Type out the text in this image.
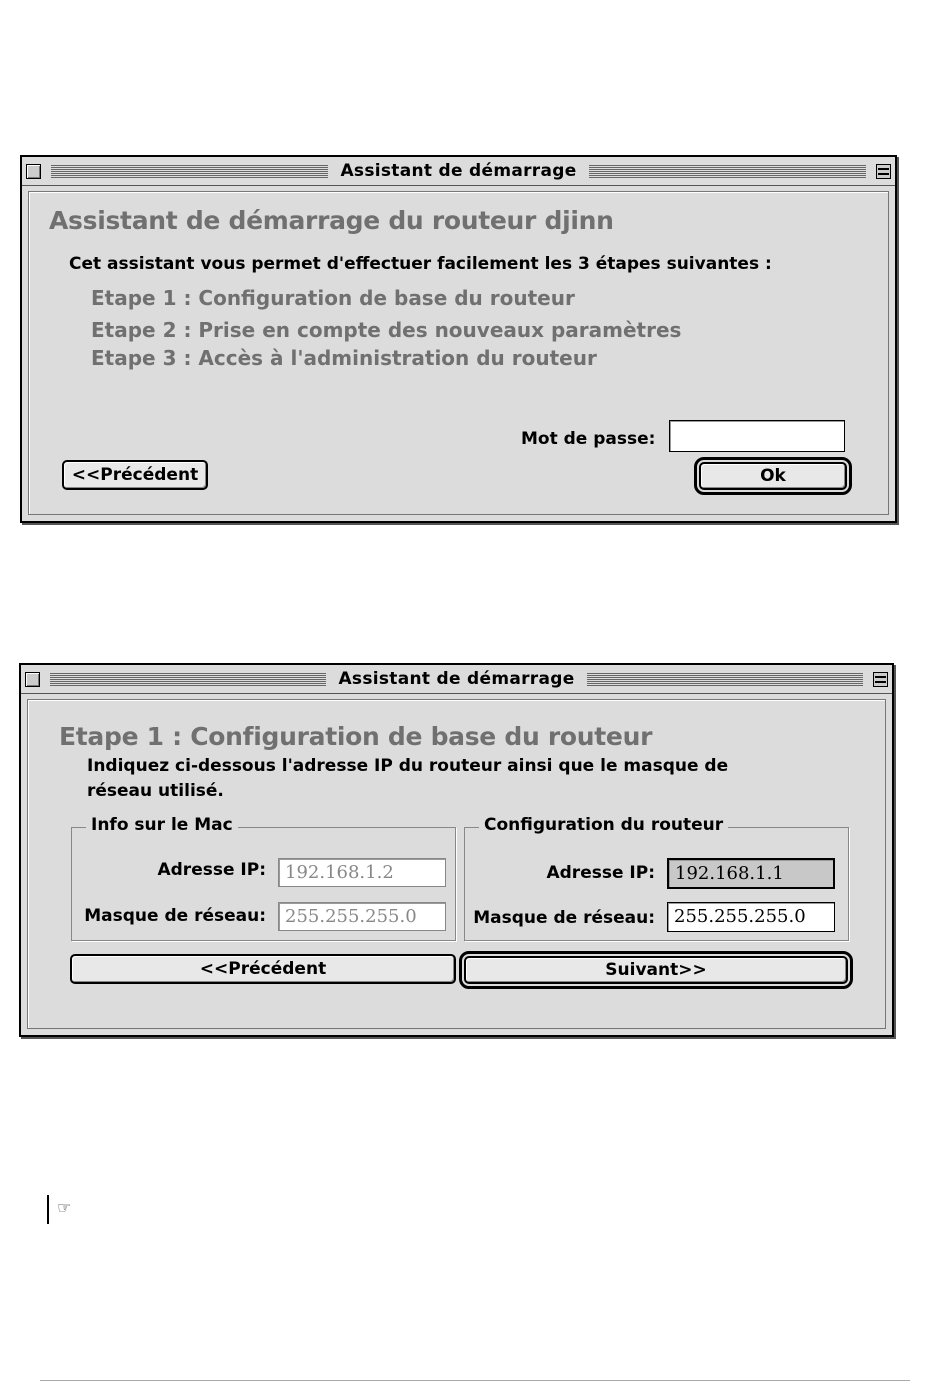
Assistant de démarrage
Assistant de démarrage du routeur djinn
Cet assistant vous permet d'effectuer facilement les 3 étapes suivantes :
Etape 1 : Configuration de base du routeur
Etape 2 : Prise en compte des nouveaux paramètres
Etape 3 : Accès à l'administration du routeur
Mot de passe:
<<Précédent	Ok
Assistant de démarrage
Etape 1 : Configuration de base du routeur
Indiquez ci-dessous l'adresse IP du routeur ainsi que le masque de
réseau utilisé.
Info sur le Mac
Adresse IP:	192.168.1.2
Masque de réseau:	255.255.255.0
Configuration du routeur
Adresse IP:	192.168.1.1
Masque de réseau:	255.255.255.0
<<Précédent	Suivant>>
☞
